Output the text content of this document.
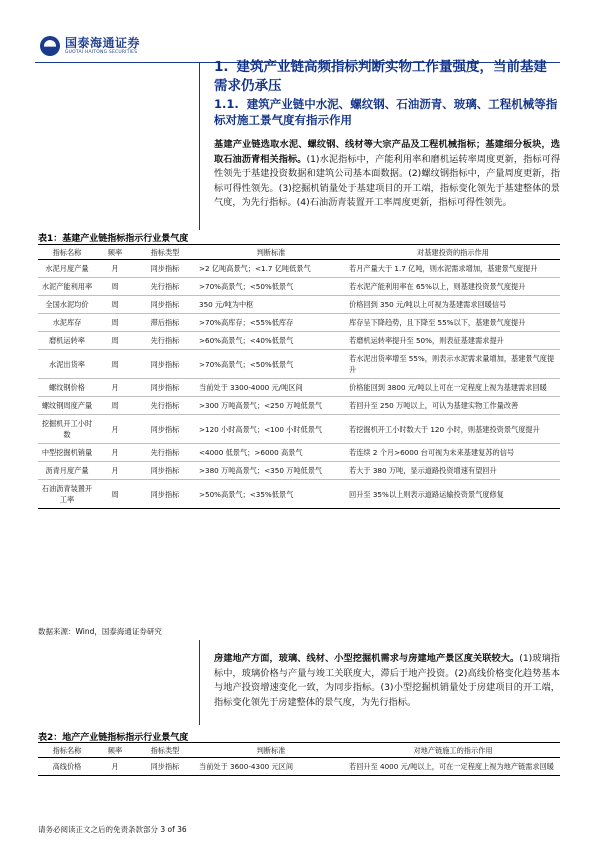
国泰海通证券
GUOTAI HAITONG SECURITIES
1. 建筑产业链高频指标判断实物工作量强度，当前基建需求仍承压
1.1. 建筑产业链中水泥、螺纹钢、石油沥青、玻璃、工程机械等指标对施工景气度有指示作用
基建产业链选取水泥、螺纹钢、线材等大宗产品及工程机械指标；基建细分板块，选取石油沥青相关指标。(1)水泥指标中，产能利用率和磨机运转率周度更新，指标可得性领先于基建投资数据和建筑公司基本面数据。(2)螺纹钢指标中，产量周度更新，指标可得性领先。(3)挖掘机销量处于基建项目的开工端，指标变化领先于基建整体的景气度，为先行指标。(4)石油沥青装置开工率周度更新，指标可得性领先。
表1：基建产业链指标指示行业景气度
指标名称	频率	指标类型	判断标准	对基建投资的指示作用
水泥月度产量	月	同步指标	>2 亿吨高景气；<1.7 亿吨低景气	若月产量大于 1.7 亿吨，则水泥需求增加，基建景气度提升
水泥产能利用率	周	先行指标	>70%高景气；<50%低景气	若水泥产能利用率在 65%以上，则基建投资景气度提升
全国水泥均价	周	同步指标	350 元/吨为中枢	价格回到 350 元/吨以上可视为基建需求回暖信号
水泥库存	周	滞后指标	>70%高库存；<55%低库存	库存呈下降趋势，且下降至 55%以下，基建景气度提升
磨机运转率	周	先行指标	>60%高景气；<40%低景气	若磨机运转率提升至 50%，则表征基建需求提升
水泥出货率	周	同步指标	>70%高景气；<50%低景气	若水泥出货率增至 55%，则表示水泥需求量增加，基建景气度提升
螺纹钢价格	月	同步指标	当前处于 3300-4000 元/吨区间	价格能回到 3800 元/吨以上可在一定程度上视为基建需求回暖
螺纹钢周度产量	周	先行指标	>300 万吨高景气；<250 万吨低景气	若回升至 250 万吨以上，可认为基建实物工作量改善
挖掘机开工小时数	月	同步指标	>120 小时高景气；<100 小时低景气	若挖掘机开工小时数大于 120 小时，则基建投资景气度提升
中型挖掘机销量	月	先行指标	<4000 低景气；>6000 高景气	若连续 2 个月>6000 台可视为未来基建复苏的信号
沥青月度产量	月	同步指标	>380 万吨高景气；<350 万吨低景气	若大于 380 万吨，显示道路投资增速有望回升
石油沥青装置开工率	周	同步指标	>50%高景气；<35%低景气	回升至 35%以上则表示道路运输投资景气度修复
数据来源：Wind，国泰海通证券研究
房建地产方面，玻璃、线材、小型挖掘机需求与房建地产景区度关联较大。(1)玻璃指标中，玻璃价格与产量与竣工关联度大，滞后于地产投资。(2)高线价格变化趋势基本与地产投资增速变化一致，为同步指标。(3)小型挖掘机销量处于房建项目的开工端，指标变化领先于房建整体的景气度，为先行指标。
表2：地产产业链指标指示行业景气度
指标名称	频率	指标类型	判断标准	对地产链施工的指示作用
高线价格	月	同步指标	当前处于 3600-4300 元区间	若回升至 4000 元/吨以上，可在一定程度上视为地产链需求回暖
请务必阅读正文之后的免责条款部分 3 of 36
